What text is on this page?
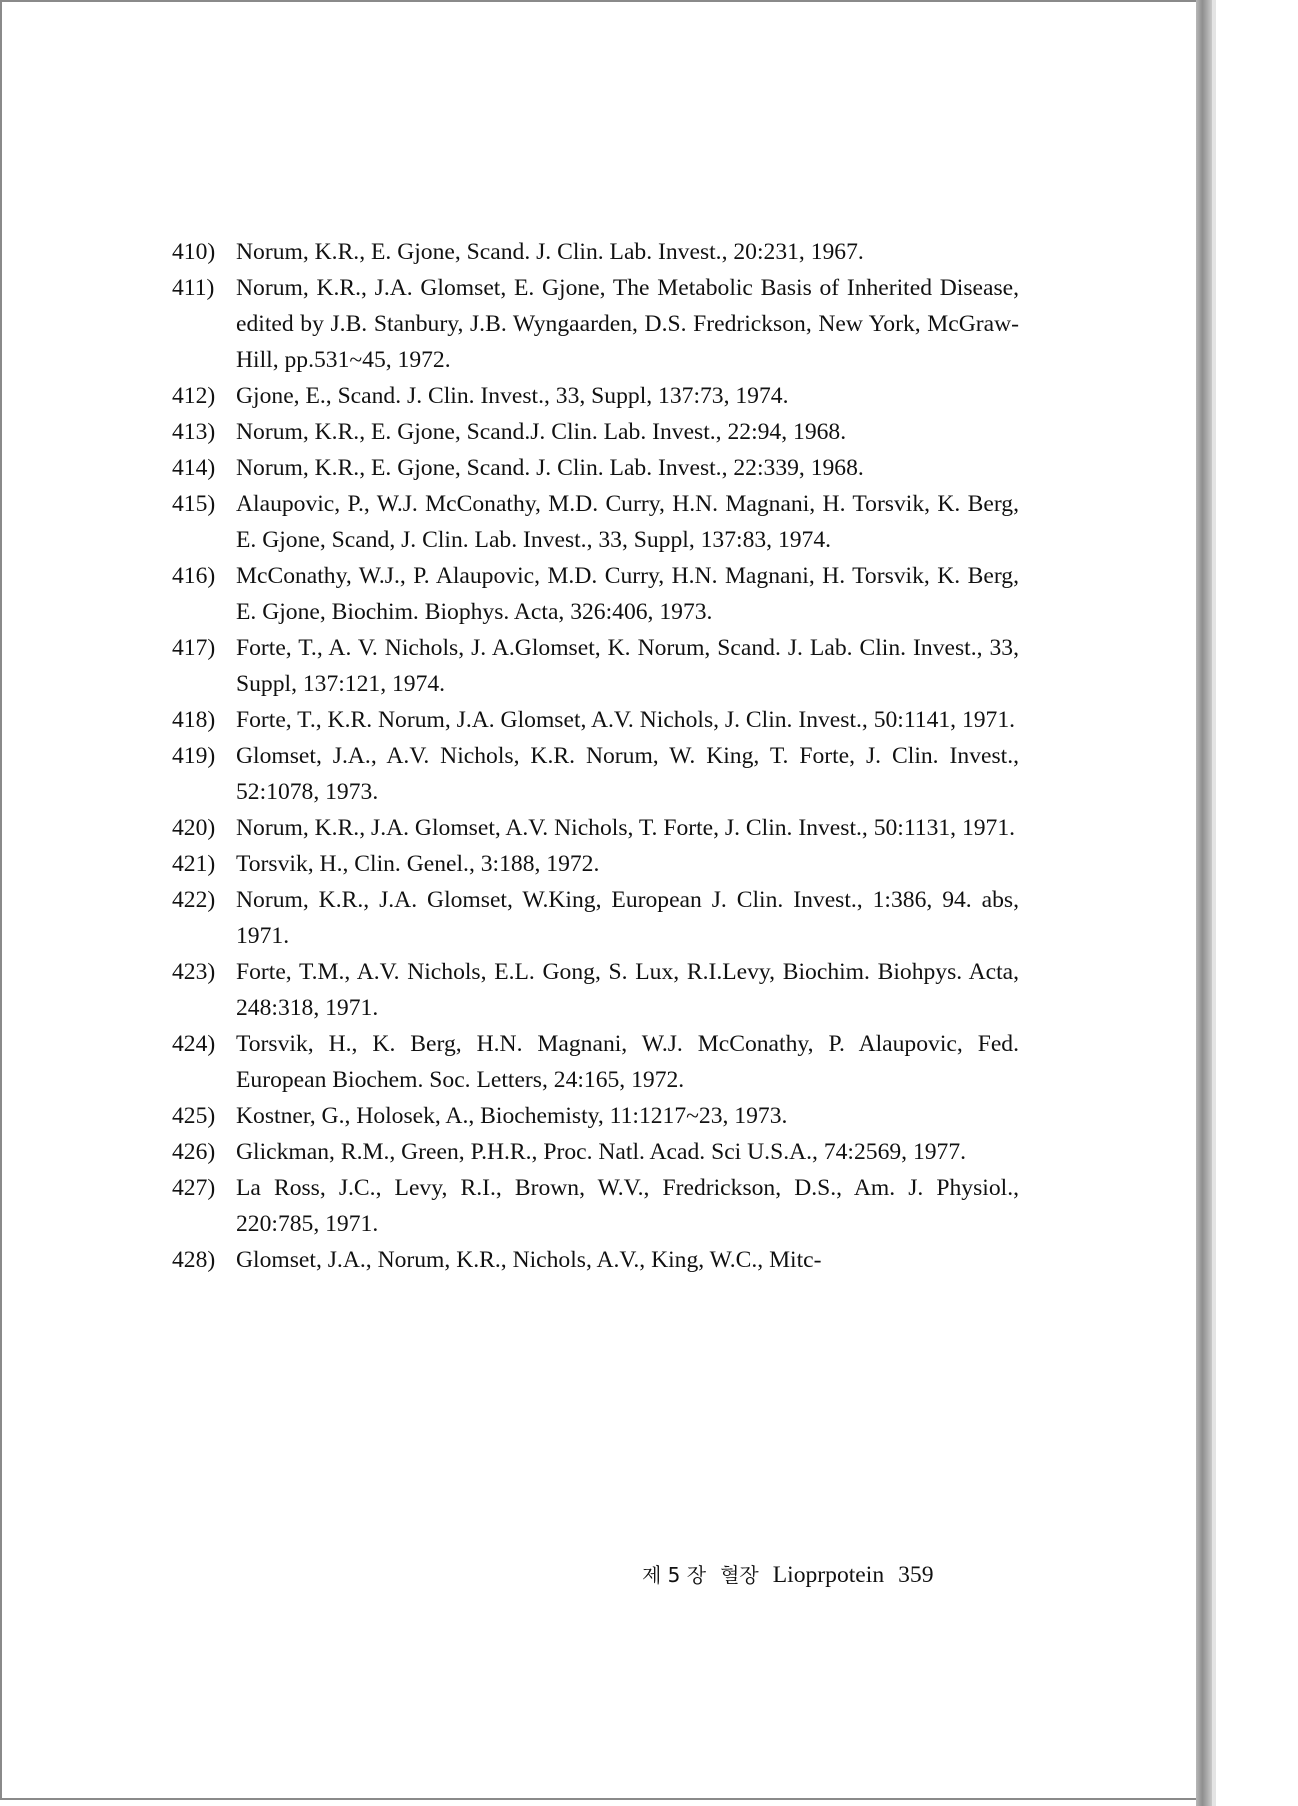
410) Norum, K.R., E. Gjone, Scand. J. Clin. Lab. Invest., 20:231, 1967.
411) Norum, K.R., J.A. Glomset, E. Gjone, The Metabolic Basis of Inherited Disease, edited by J.B. Stanbury, J.B. Wyngaarden, D.S. Fredrickson, New York, McGraw-Hill, pp.531~45, 1972.
412) Gjone, E., Scand. J. Clin. Invest., 33, Suppl, 137:73, 1974.
413) Norum, K.R., E. Gjone, Scand.J. Clin. Lab. Invest., 22:94, 1968.
414) Norum, K.R., E. Gjone, Scand. J. Clin. Lab. Invest., 22:339, 1968.
415) Alaupovic, P., W.J. McConathy, M.D. Curry, H.N. Magnani, H. Torsvik, K. Berg, E. Gjone, Scand, J. Clin. Lab. Invest., 33, Suppl, 137:83, 1974.
416) McConathy, W.J., P. Alaupovic, M.D. Curry, H.N. Magnani, H. Torsvik, K. Berg, E. Gjone, Biochim. Biophys. Acta, 326:406, 1973.
417) Forte, T., A. V. Nichols, J. A.Glomset, K. Norum, Scand. J. Lab. Clin. Invest., 33, Suppl, 137:121, 1974.
418) Forte, T., K.R. Norum, J.A. Glomset, A.V. Nichols, J. Clin. Invest., 50:1141, 1971.
419) Glomset, J.A., A.V. Nichols, K.R. Norum, W. King, T. Forte, J. Clin. Invest., 52:1078, 1973.
420) Norum, K.R., J.A. Glomset, A.V. Nichols, T. Forte, J. Clin. Invest., 50:1131, 1971.
421) Torsvik, H., Clin. Genel., 3:188, 1972.
422) Norum, K.R., J.A. Glomset, W.King, European J. Clin. Invest., 1:386, 94. abs, 1971.
423) Forte, T.M., A.V. Nichols, E.L. Gong, S. Lux, R.I.Levy, Biochim. Biohpys. Acta, 248:318, 1971.
424) Torsvik, H., K. Berg, H.N. Magnani, W.J. McConathy, P. Alaupovic, Fed. European Biochem. Soc. Letters, 24:165, 1972.
425) Kostner, G., Holosek, A., Biochemisty, 11:1217~23, 1973.
426) Glickman, R.M., Green, P.H.R., Proc. Natl. Acad. Sci U.S.A., 74:2569, 1977.
427) La Ross, J.C., Levy, R.I., Brown, W.V., Fredrickson, D.S., Am. J. Physiol., 220:785, 1971.
428) Glomset, J.A., Norum, K.R., Nichols, A.V., King, W.C., Mitc-
제 5 장 혈장 Lioprpotein 359
